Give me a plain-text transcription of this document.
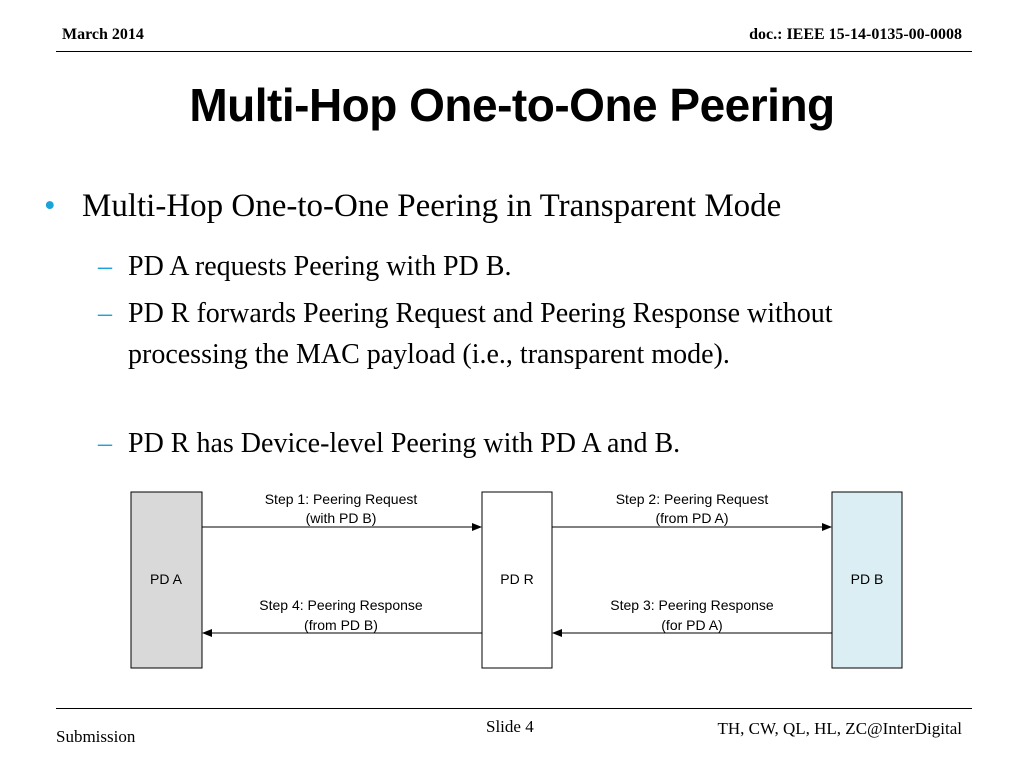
March 2014	doc.: IEEE 15-14-0135-00-0008
Multi-Hop One-to-One Peering
• Multi-Hop One-to-One Peering in Transparent Mode
– PD A requests Peering with PD B.
– PD R forwards Peering Request and Peering Response without processing the MAC payload (i.e., transparent mode).
– PD R has Device-level Peering with PD A and B.
PD A	PD R	PD B
Step 1: Peering Request
(with PD B)
Step 2: Peering Request
(from PD A)
Step 3: Peering Response
(for PD A)
Step 4: Peering Response
(from PD B)
Submission
Slide 4	TH, CW, QL, HL, ZC@InterDigital
